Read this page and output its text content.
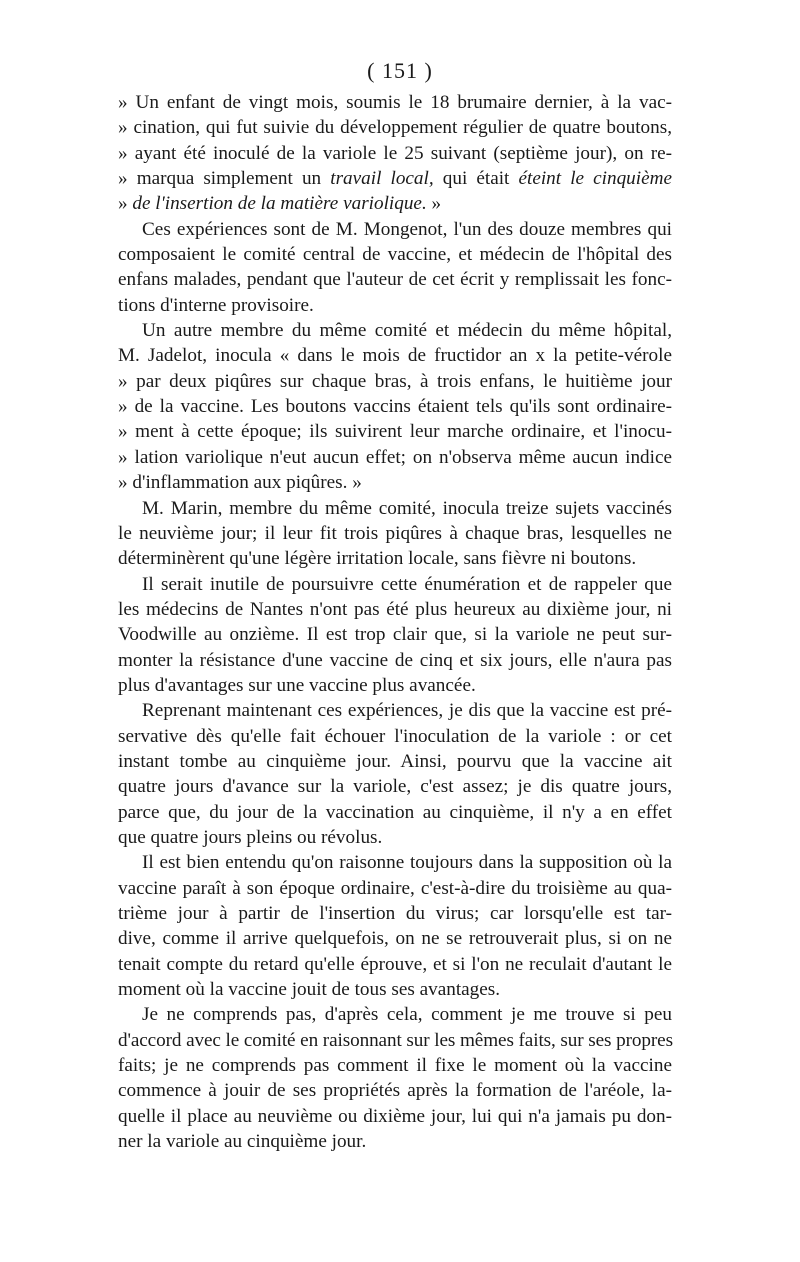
( 151 )
» Un enfant de vingt mois, soumis le 18 brumaire dernier, à la vac-
» cination, qui fut suivie du développement régulier de quatre boutons,
» ayant été inoculé de la variole le 25 suivant (septième jour), on re-
» marqua simplement un travail local, qui était éteint le cinquième
» de l'insertion de la matière variolique. »
Ces expériences sont de M. Mongenot, l'un des douze membres qui
composaient le comité central de vaccine, et médecin de l'hôpital des
enfans malades, pendant que l'auteur de cet écrit y remplissait les fonc-
tions d'interne provisoire.
Un autre membre du même comité et médecin du même hôpital,
M. Jadelot, inocula « dans le mois de fructidor an x la petite-vérole
» par deux piqûres sur chaque bras, à trois enfans, le huitième jour
» de la vaccine. Les boutons vaccins étaient tels qu'ils sont ordinaire-
» ment à cette époque; ils suivirent leur marche ordinaire, et l'inocu-
» lation variolique n'eut aucun effet; on n'observa même aucun indice
» d'inflammation aux piqûres. »
M. Marin, membre du même comité, inocula treize sujets vaccinés
le neuvième jour; il leur fit trois piqûres à chaque bras, lesquelles ne
déterminèrent qu'une légère irritation locale, sans fièvre ni boutons.
Il serait inutile de poursuivre cette énumération et de rappeler que
les médecins de Nantes n'ont pas été plus heureux au dixième jour, ni
Voodwille au onzième. Il est trop clair que, si la variole ne peut sur-
monter la résistance d'une vaccine de cinq et six jours, elle n'aura pas
plus d'avantages sur une vaccine plus avancée.
Reprenant maintenant ces expériences, je dis que la vaccine est pré-
servative dès qu'elle fait échouer l'inoculation de la variole : or cet
instant tombe au cinquième jour. Ainsi, pourvu que la vaccine ait
quatre jours d'avance sur la variole, c'est assez; je dis quatre jours,
parce que, du jour de la vaccination au cinquième, il n'y a en effet
que quatre jours pleins ou révolus.
Il est bien entendu qu'on raisonne toujours dans la supposition où la
vaccine paraît à son époque ordinaire, c'est-à-dire du troisième au qua-
trième jour à partir de l'insertion du virus; car lorsqu'elle est tar-
dive, comme il arrive quelquefois, on ne se retrouverait plus, si on ne
tenait compte du retard qu'elle éprouve, et si l'on ne reculait d'autant le
moment où la vaccine jouit de tous ses avantages.
Je ne comprends pas, d'après cela, comment je me trouve si peu
d'accord avec le comité en raisonnant sur les mêmes faits, sur ses propres
faits; je ne comprends pas comment il fixe le moment où la vaccine
commence à jouir de ses propriétés après la formation de l'aréole, la-
quelle il place au neuvième ou dixième jour, lui qui n'a jamais pu don-
ner la variole au cinquième jour.
